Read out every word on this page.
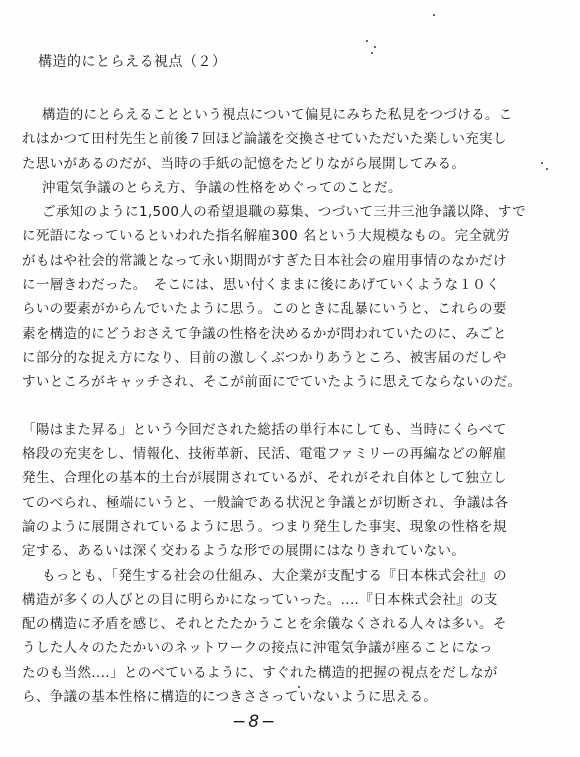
構造的にとらえる視点（２）
構造的にとらえることという視点について偏見にみちた私見をつづける。こ
れはかつて田村先生と前後７回ほど論議を交換させていただいた楽しい充実し
た思いがあるのだが、当時の手紙の記憶をたどりながら展開してみる。
沖電気争議のとらえ方、争議の性格をめぐってのことだ。
ご承知のように1,500人の希望退職の募集、つづいて三井三池争議以降、すで
に死語になっているといわれた指名解雇300 名という大規模なもの。完全就労
がもはや社会的常識となって永い期間がすぎた日本社会の雇用事情のなかだけ
に一層きわだった。　そこには、思い付くままに後にあげていくような１０く
らいの要素がからんでいたように思う。このときに乱暴にいうと、これらの要
素を構造的にどうおさえて争議の性格を決めるかが問われていたのに、みごと
に部分的な捉え方になり、目前の激しくぶつかりあうところ、被害届のだしや
すいところがキャッチされ、そこが前面にでていたように思えてならないのだ。
「陽はまた昇る」という今回だされた総括の単行本にしても、当時にくらべて
格段の充実をし、情報化、技術革新、民活、電電ファミリーの再編などの解雇
発生、合理化の基本的土台が展開されているが、それがそれ自体として独立し
てのべられ、極端にいうと、一般論である状況と争議とが切断され、争議は各
論のように展開されているように思う。つまり発生した事実、現象の性格を規
定する、あるいは深く交わるような形での展開にはなりきれていない。
もっとも、「発生する社会の仕組み、大企業が支配する『日本株式会社』の
構造が多くの人びとの目に明らかになっていった。‥‥『日本株式会社』の支
配の構造に矛盾を感じ、それとたたかうことを余儀なくされる人々は多い。そ
うした人々のたたかいのネットワークの接点に沖電気争議が座ることになっ
たのも当然‥‥」とのべているように、すぐれた構造的把握の視点をだしなが
ら、争議の基本性格に構造的につきささっていないように思える。
−8−
